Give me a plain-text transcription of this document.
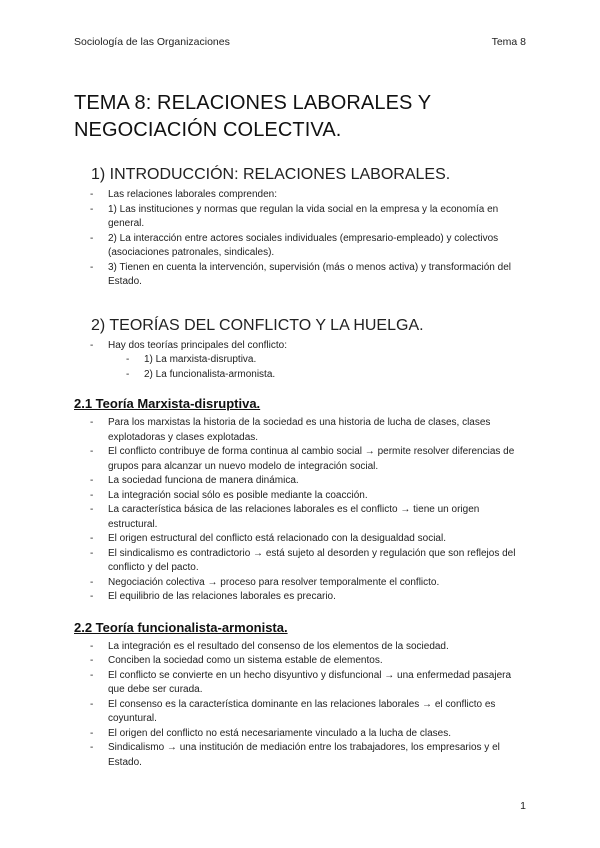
Sociología de las Organizaciones	Tema 8
TEMA 8: RELACIONES LABORALES Y
NEGOCIACIÓN COLECTIVA.
1) INTRODUCCIÓN: RELACIONES LABORALES.
- Las relaciones laborales comprenden:
- 1) Las instituciones y normas que regulan la vida social en la empresa y la economía en general.
- 2) La interacción entre actores sociales individuales (empresario-empleado) y colectivos (asociaciones patronales, sindicales).
- 3) Tienen en cuenta la intervención, supervisión (más o menos activa) y transformación del Estado.
2) TEORÍAS DEL CONFLICTO Y LA HUELGA.
- Hay dos teorías principales del conflicto:
- 1) La marxista-disruptiva.
- 2) La funcionalista-armonista.
2.1 Teoría Marxista-disruptiva.
- Para los marxistas la historia de la sociedad es una historia de lucha de clases, clases explotadoras y clases explotadas.
- El conflicto contribuye de forma continua al cambio social → permite resolver diferencias de grupos para alcanzar un nuevo modelo de integración social.
- La sociedad funciona de manera dinámica.
- La integración social sólo es posible mediante la coacción.
- La característica básica de las relaciones laborales es el conflicto → tiene un origen estructural.
- El origen estructural del conflicto está relacionado con la desigualdad social.
- El sindicalismo es contradictorio → está sujeto al desorden y regulación que son reflejos del conflicto y del pacto.
- Negociación colectiva → proceso para resolver temporalmente el conflicto.
- El equilibrio de las relaciones laborales es precario.
2.2 Teoría funcionalista-armonista.
- La integración es el resultado del consenso de los elementos de la sociedad.
- Conciben la sociedad como un sistema estable de elementos.
- El conflicto se convierte en un hecho disyuntivo y disfuncional → una enfermedad pasajera que debe ser curada.
- El consenso es la característica dominante en las relaciones laborales → el conflicto es coyuntural.
- El origen del conflicto no está necesariamente vinculado a la lucha de clases.
- Sindicalismo → una institución de mediación entre los trabajadores, los empresarios y el Estado.
1
